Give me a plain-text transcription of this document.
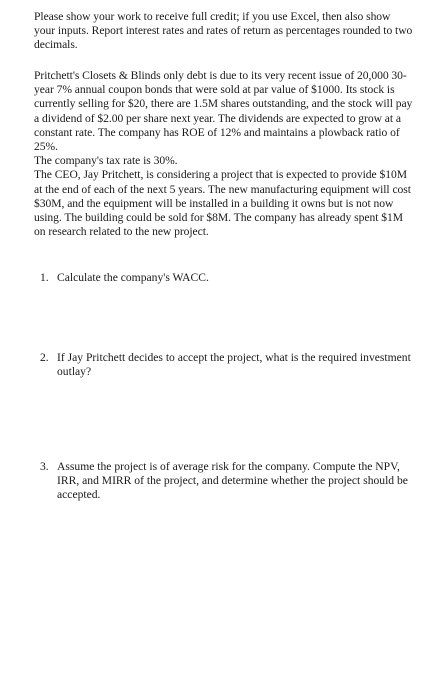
Please show your work to receive full credit; if you use Excel, then also show your inputs. Report interest rates and rates of return as percentages rounded to two decimals.

Pritchett's Closets & Blinds only debt is due to its very recent issue of 20,000 30-year 7% annual coupon bonds that were sold at par value of $1000. Its stock is currently selling for $20, there are 1.5M shares outstanding, and the stock will pay a dividend of $2.00 per share next year. The dividends are expected to grow at a constant rate. The company has ROE of 12% and maintains a plowback ratio of 25%.

The company's tax rate is 30%.

The CEO, Jay Pritchett, is considering a project that is expected to provide $10M at the end of each of the next 5 years. The new manufacturing equipment will cost $30M, and the equipment will be installed in a building it owns but is not now using. The building could be sold for $8M. The company has already spent $1M on research related to the new project.

1. Calculate the company's WACC.
2. If Jay Pritchett decides to accept the project, what is the required investment outlay?
3. Assume the project is of average risk for the company. Compute the NPV, IRR, and MIRR of the project, and determine whether the project should be accepted.
